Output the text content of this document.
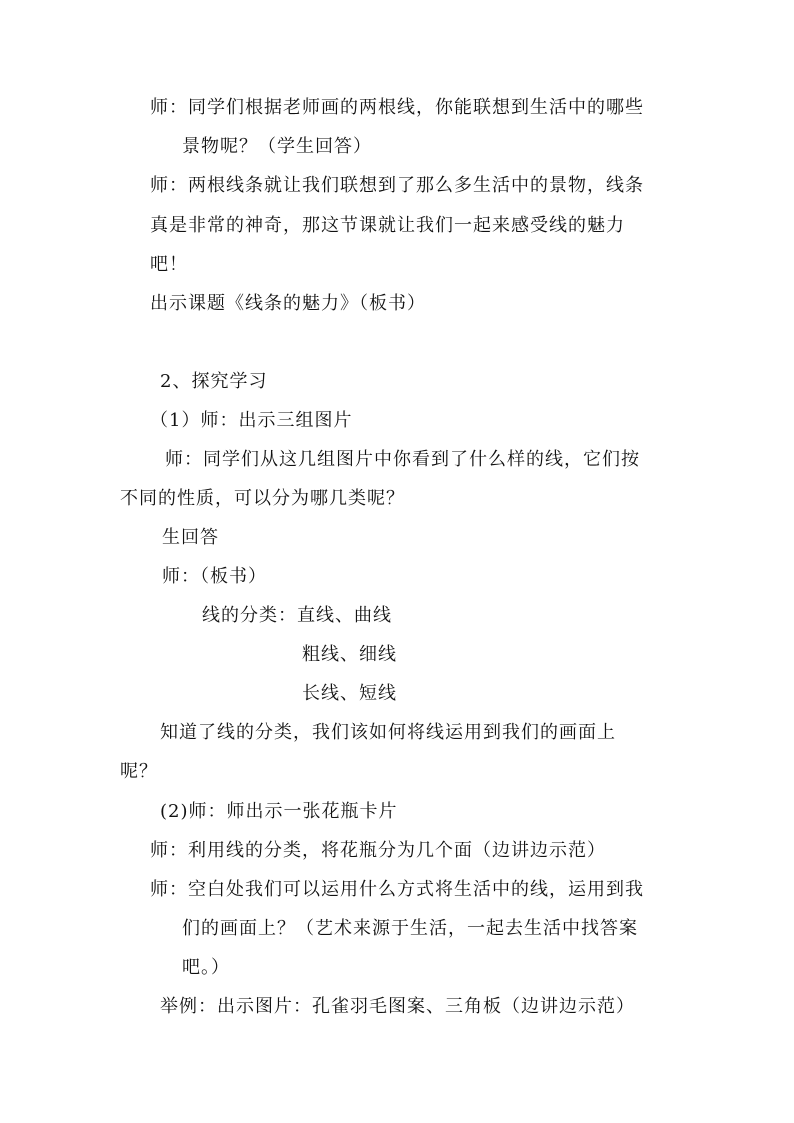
师：同学们根据老师画的两根线，你能联想到生活中的哪些
景物呢？（学生回答）
师：两根线条就让我们联想到了那么多生活中的景物，线条
真是非常的神奇，那这节课就让我们一起来感受线的魅力
吧！
出示课题《线条的魅力》（板书）
2、探究学习
（1）师：出示三组图片
师：同学们从这几组图片中你看到了什么样的线，它们按
不同的性质，可以分为哪几类呢？
生回答
师：（板书）
线的分类：直线、曲线
粗线、细线
长线、短线
知道了线的分类，我们该如何将线运用到我们的画面上
呢？
(2)师：师出示一张花瓶卡片
师：利用线的分类，将花瓶分为几个面（边讲边示范）
师：空白处我们可以运用什么方式将生活中的线，运用到我
们的画面上？（艺术来源于生活，一起去生活中找答案
吧。）
举例：出示图片：孔雀羽毛图案、三角板（边讲边示范）
